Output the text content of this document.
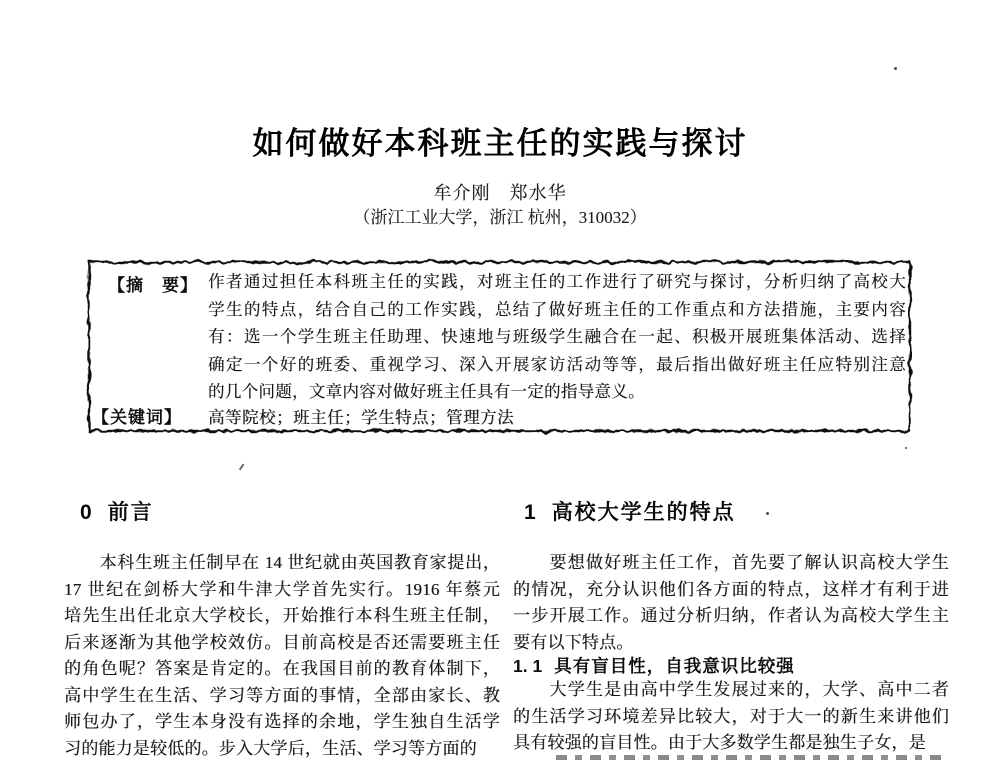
如何做好本科班主任的实践与探讨
牟介刚　郑水华
（浙江工业大学，浙江 杭州，310032）
【摘　要】 作者通过担任本科班主任的实践，对班主任的工作进行了研究与探讨，分析归纳了高校大
学生的特点，结合自己的工作实践，总结了做好班主任的工作重点和方法措施，主要内容
有：选一个学生班主任助理、快速地与班级学生融合在一起、积极开展班集体活动、选择
确定一个好的班委、重视学习、深入开展家访活动等等，最后指出做好班主任应特别注意
的几个问题，文章内容对做好班主任具有一定的指导意义。
【关键词】 高等院校；班主任；学生特点；管理方法
0 前言
　　本科生班主任制早在 14 世纪就由英国教育家提出，
17 世纪在剑桥大学和牛津大学首先实行。1916 年蔡元
培先生出任北京大学校长，开始推行本科生班主任制，
后来逐渐为其他学校效仿。目前高校是否还需要班主任
的角色呢？答案是肯定的。在我国目前的教育体制下，
高中学生在生活、学习等方面的事情，全部由家长、教
师包办了，学生本身没有选择的余地，学生独自生活学
习的能力是较低的。步入大学后，生活、学习等方面的
1 高校大学生的特点
　　要想做好班主任工作，首先要了解认识高校大学生
的情况，充分认识他们各方面的特点，这样才有利于进
一步开展工作。通过分析归纳，作者认为高校大学生主
要有以下特点。
1. 1 具有盲目性，自我意识比较强
　　大学生是由高中学生发展过来的，大学、高中二者
的生活学习环境差异比较大，对于大一的新生来讲他们
具有较强的盲目性。由于大多数学生都是独生子女，是
